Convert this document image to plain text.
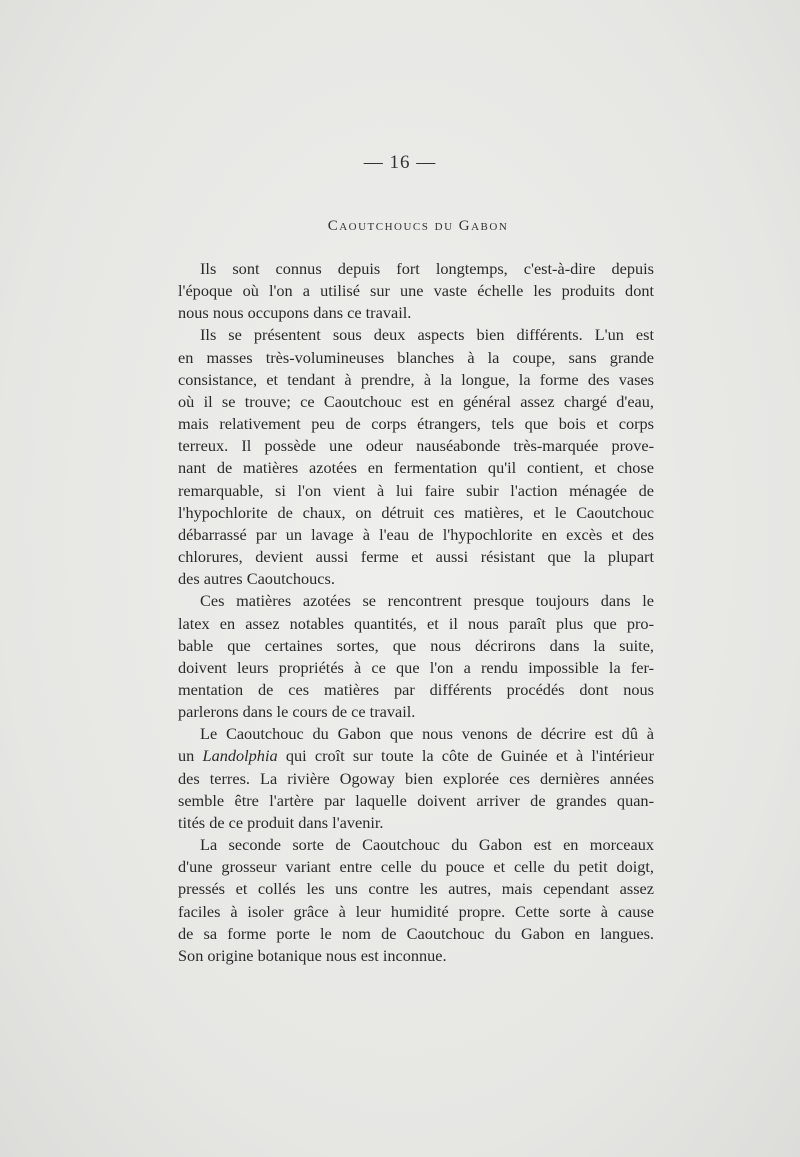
— 16 —
Caoutchoucs du Gabon
Ils sont connus depuis fort longtemps, c'est-à-dire depuis
l'époque où l'on a utilisé sur une vaste échelle les produits dont
nous nous occupons dans ce travail.
Ils se présentent sous deux aspects bien différents. L'un est
en masses très-volumineuses blanches à la coupe, sans grande
consistance, et tendant à prendre, à la longue, la forme des vases
où il se trouve; ce Caoutchouc est en général assez chargé d'eau,
mais relativement peu de corps étrangers, tels que bois et corps
terreux. Il possède une odeur nauséabonde très-marquée prove-
nant de matières azotées en fermentation qu'il contient, et chose
remarquable, si l'on vient à lui faire subir l'action ménagée de
l'hypochlorite de chaux, on détruit ces matières, et le Caoutchouc
débarrassé par un lavage à l'eau de l'hypochlorite en excès et des
chlorures, devient aussi ferme et aussi résistant que la plupart
des autres Caoutchoucs.
Ces matières azotées se rencontrent presque toujours dans le
latex en assez notables quantités, et il nous paraît plus que pro-
bable que certaines sortes, que nous décrirons dans la suite,
doivent leurs propriétés à ce que l'on a rendu impossible la fer-
mentation de ces matières par différents procédés dont nous
parlerons dans le cours de ce travail.
Le Caoutchouc du Gabon que nous venons de décrire est dû à
un Landolphia qui croît sur toute la côte de Guinée et à l'intérieur
des terres. La rivière Ogoway bien explorée ces dernières années
semble être l'artère par laquelle doivent arriver de grandes quan-
tités de ce produit dans l'avenir.
La seconde sorte de Caoutchouc du Gabon est en morceaux
d'une grosseur variant entre celle du pouce et celle du petit doigt,
pressés et collés les uns contre les autres, mais cependant assez
faciles à isoler grâce à leur humidité propre. Cette sorte à cause
de sa forme porte le nom de Caoutchouc du Gabon en langues.
Son origine botanique nous est inconnue.
